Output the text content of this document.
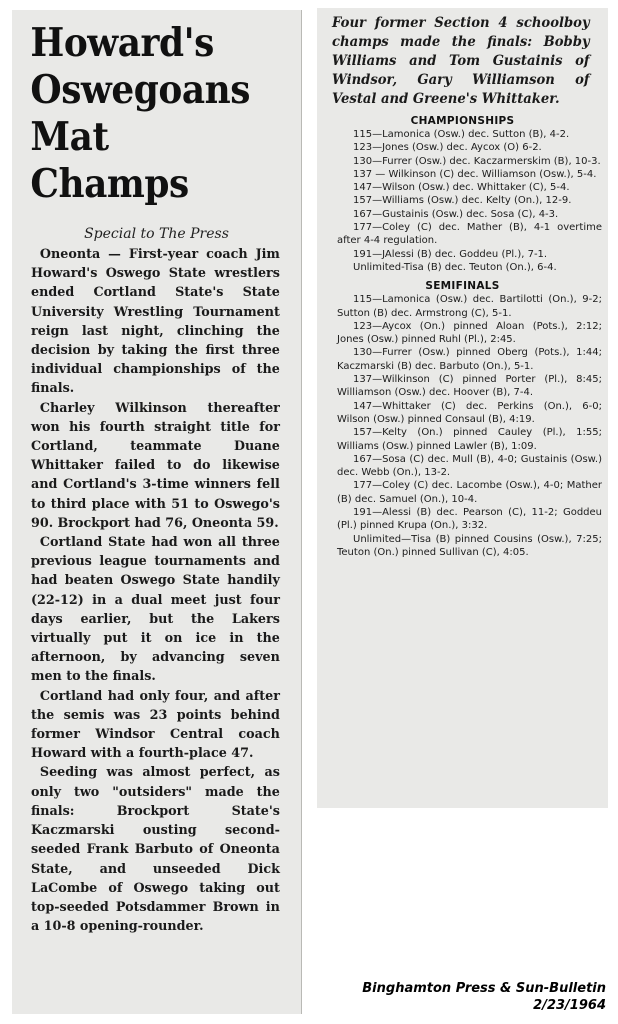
Howard's
Oswegoans
Mat Champs
Special to The Press

Oneonta — First-year coach Jim Howard's Oswego State wrestlers ended Cortland State's State University Wrestling Tournament reign last night, clinching the decision by taking the first three individual championships of the finals.

Charley Wilkinson thereafter won his fourth straight title for Cortland, teammate Duane Whittaker failed to do likewise and Cortland's 3-time winners fell to third place with 51 to Oswego's 90. Brockport had 76, Oneonta 59.

Cortland State had won all three previous league tournaments and had beaten Oswego State handily (22-12) in a dual meet just four days earlier, but the Lakers virtually put it on ice in the afternoon, by advancing seven men to the finals.

Cortland had only four, and after the semis was 23 points behind former Windsor Central coach Howard with a fourth-place 47.

Seeding was almost perfect, as only two "outsiders" made the finals: Brockport State's Kaczmarski ousting second-seeded Frank Barbuto of Oneonta State, and unseeded Dick LaCombe of Oswego taking out top-seeded Potsdammer Brown in a 10-8 opening-rounder.

Four former Section 4 schoolboy champs made the finals: Bobby Williams and Tom Gustainis of Windsor, Gary Williamson of Vestal and Greene's Whittaker.
CHAMPIONSHIPS

115—Lamonica (Osw.) dec. Sutton (B), 4-2.

123—Jones (Osw.) dec. Aycox (O) 6-2.

130—Furrer (Osw.) dec. Kaczarmerskim (B), 10-3.

137 — Wilkinson (C) dec. Williamson (Osw.), 5-4.

147—Wilson (Osw.) dec. Whittaker (C), 5-4.

157—Williams (Osw.) dec. Kelty (On.), 12-9.

167—Gustainis (Osw.) dec. Sosa (C), 4-3.

177—Coley (C) dec. Mather (B), 4-1 overtime after 4-4 regulation.

191—JAlessi (B) dec. Goddeu (Pl.), 7-1.

Unlimited-Tisa (B) dec. Teuton (On.), 6-4.

SEMIFINALS

115—Lamonica (Osw.) dec. Bartilotti (On.), 9-2; Sutton (B) dec. Armstrong (C), 5-1.

123—Aycox (On.) pinned Aloan (Pots.), 2:12; Jones (Osw.) pinned Ruhl (Pl.), 2:45.

130—Furrer (Osw.) pinned Oberg (Pots.), 1:44; Kaczmarski (B) dec. Barbuto (On.), 5-1.

137—Wilkinson (C) pinned Porter (Pl.), 8:45; Williamson (Osw.) dec. Hoover (B), 7-4.

147—Whittaker (C) dec. Perkins (On.), 6-0; Wilson (Osw.) pinned Consaul (B), 4:19.

157—Kelty (On.) pinned Cauley (Pl.), 1:55; Williams (Osw.) pinned Lawler (B), 1:09.

167—Sosa (C) dec. Mull (B), 4-0; Gustainis (Osw.) dec. Webb (On.), 13-2.

177—Coley (C) dec. Lacombe (Osw.), 4-0; Mather (B) dec. Samuel (On.), 10-4.

191—Alessi (B) dec. Pearson (C), 11-2; Goddeu (Pl.) pinned Krupa (On.), 3:32.

Unlimited—Tisa (B) pinned Cousins (Osw.), 7:25; Teuton (On.) pinned Sullivan (C), 4:05.

Binghamton Press & Sun-Bulletin
2/23/1964
